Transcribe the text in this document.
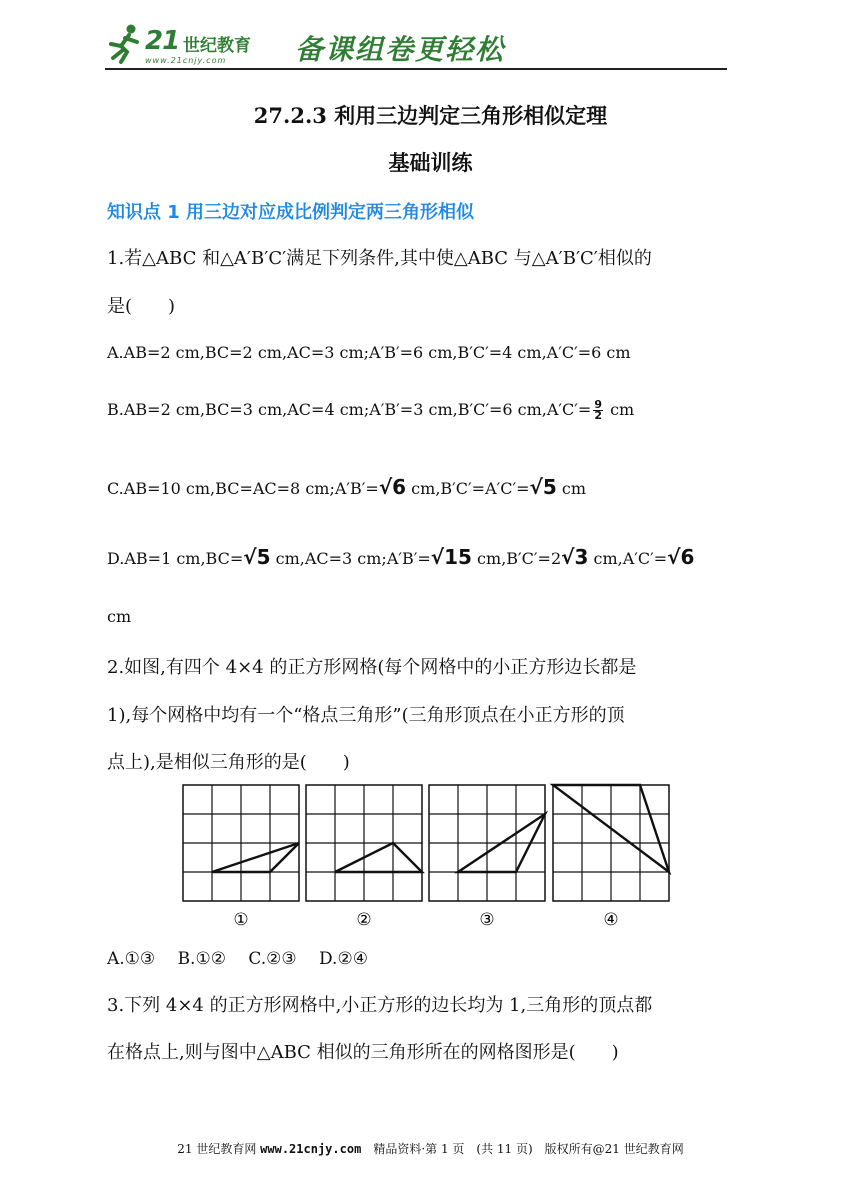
21 世纪教育
www.21cnjy.com 备课组卷更轻松
27.2.3 利用三边判定三角形相似定理
基础训练
知识点 1 用三边对应成比例判定两三角形相似
1.若△ABC 和△A′B′C′满足下列条件,其中使△ABC 与△A′B′C′相似的
是(　　)
A.AB=2 cm,BC=2 cm,AC=3 cm;A′B′=6 cm,B′C′=4 cm,A′C′=6 cm
B.AB=2 cm,BC=3 cm,AC=4 cm;A′B′=3 cm,B′C′=6 $cm,A'C'= \frac{9}{2}$ cm
C.AB=10 cm,BC=AC=8 cm;A′B′=√6 cm,B′C′=A′C′=√5 cm
D.AB=1 cm,BC=√5 cm,AC=3 cm;A′B′=√15 cm,B′C′=2√3 cm,A′C′=√6
cm
2.如图,有四个 4×4 的正方形网格(每个网格中的小正方形边长都是
1),每个网格中均有一个“格点三角形”(三角形顶点在小正方形的顶
点上),是相似三角形的是(　　)
①	②	③	④
A.①③　 B.①②　 C.②③　 D.②④
3.下列 4×4 的正方形网格中,小正方形的边长均为 1,三角形的顶点都
在格点上,则与图中△ABC 相似的三角形所在的网格图形是(　　)
21 世纪教育网 www.21cnjy.com　精品资料·第 1 页　(共 11 页)　版权所有@21 世纪教育网
